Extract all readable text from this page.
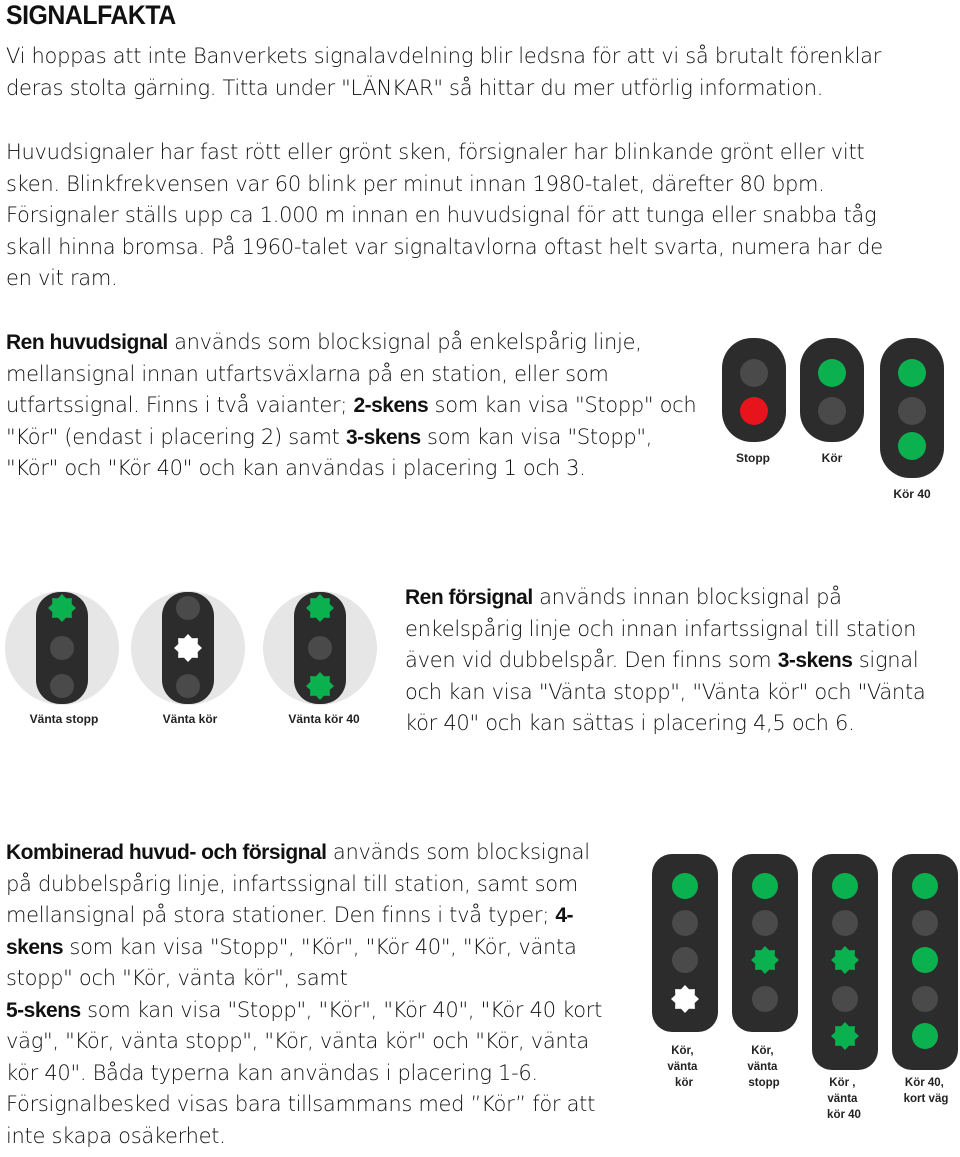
SIGNALFAKTA
Vi hoppas att inte Banverkets signalavdelning blir ledsna för att vi så brutalt förenklar deras stolta gärning. Titta under "LÄNKAR" så hittar du mer utförlig information.
Huvudsignaler har fast rött eller grönt sken, försignaler har blinkande grönt eller vitt sken. Blinkfrekvensen var 60 blink per minut innan 1980-talet, därefter 80 bpm. Försignaler ställs upp ca 1.000 m innan en huvudsignal för att tunga eller snabba tåg skall hinna bromsa. På 1960-talet var signaltavlorna oftast helt svarta, numera har de en vit ram.
Ren huvudsignal används som blocksignal på enkelspårig linje, mellansignal innan utfartsväxlarna på en station, eller som utfartssignal. Finns i två vaianter; 2-skens som kan visa "Stopp" och "Kör" (endast i placering 2) samt 3-skens som kan visa "Stopp", "Kör" och "Kör 40" och kan användas i placering 1 och 3.	Stopp	Kör
Kör 40
Vänta stopp	Vänta kör	Vänta kör 40
Ren försignal används innan blocksignal på enkelspårig linje och innan infartssignal till station även vid dubbelspår. Den finns som 3-skens signal och kan visa "Vänta stopp", "Vänta kör" och "Vänta kör 40" och kan sättas i placering 4,5 och 6.
Kombinerad huvud- och försignal används som blocksignal på dubbelspårig linje, infartssignal till station, samt som mellansignal på stora stationer. Den finns i två typer; 4-skens som kan visa "Stopp", "Kör", "Kör 40", "Kör, vänta stopp" och "Kör, vänta kör", samt
5-skens som kan visa "Stopp", "Kör", "Kör 40", "Kör 40 kort väg", "Kör, vänta stopp", "Kör, vänta kör" och "Kör, vänta kör 40". Båda typerna kan användas i placering 1-6. Försignalbesked visas bara tillsammans med ”Kör” för att inte skapa osäkerhet.
Kör, vänta kör
Kör, vänta stopp	Kör , vänta kör 40
Kör 40, kort väg
